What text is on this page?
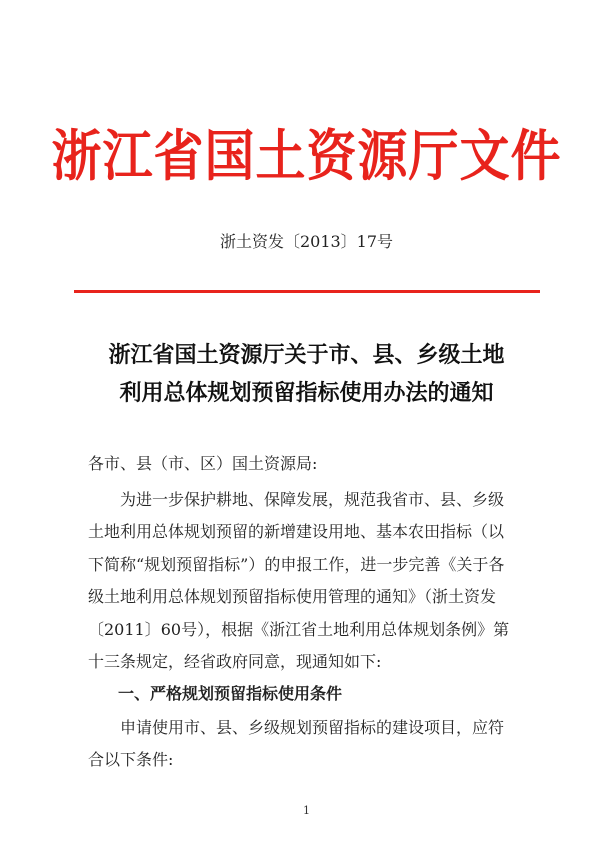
浙江省国土资源厅文件
浙土资发〔2013〕17号
浙江省国土资源厅关于市、县、乡级土地
利用总体规划预留指标使用办法的通知
各市、县（市、区）国土资源局:
　　为进一步保护耕地、保障发展，规范我省市、县、乡级
土地利用总体规划预留的新增建设用地、基本农田指标（以
下简称“规划预留指标”）的申报工作，进一步完善《关于各
级土地利用总体规划预留指标使用管理的通知》（浙土资发
〔2011〕60号），根据《浙江省土地利用总体规划条例》第
十三条规定，经省政府同意，现通知如下:
一、严格规划预留指标使用条件
　　申请使用市、县、乡级规划预留指标的建设项目，应符
合以下条件:
1
